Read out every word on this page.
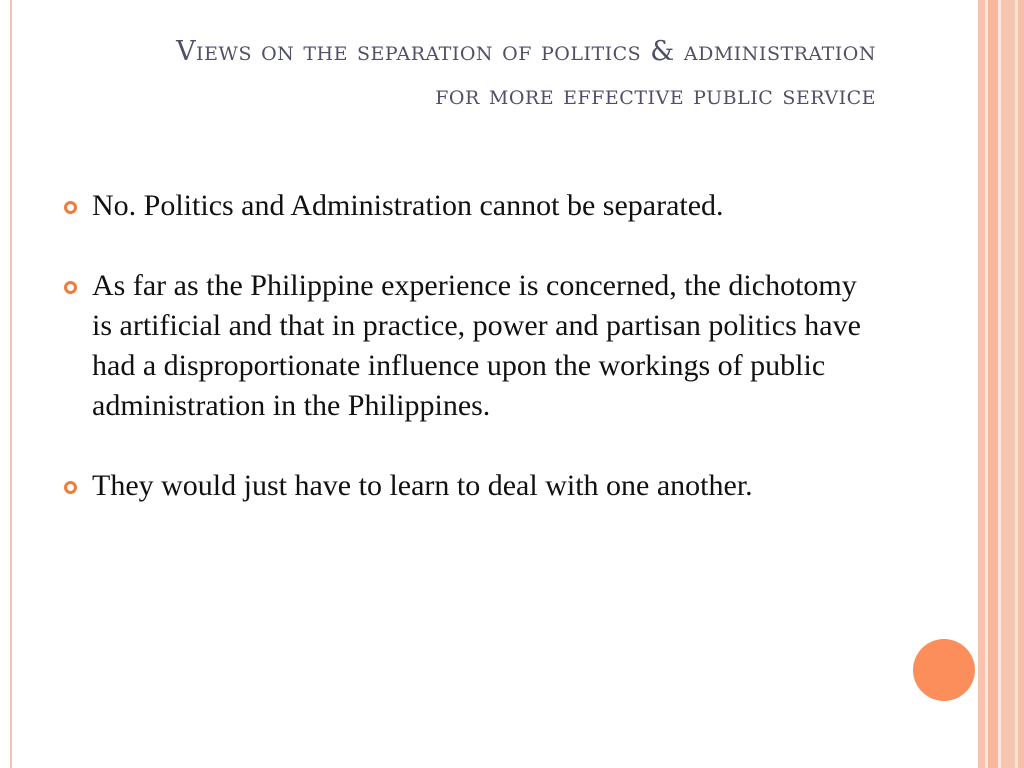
Views on the separation of politics & administration for more effective public service
No. Politics and Administration cannot be separated.
As far as the Philippine experience is concerned, the dichotomy is artificial and that in practice, power and partisan politics have had a disproportionate influence upon the workings of public administration in the Philippines.
They would just have to learn to deal with one another.
